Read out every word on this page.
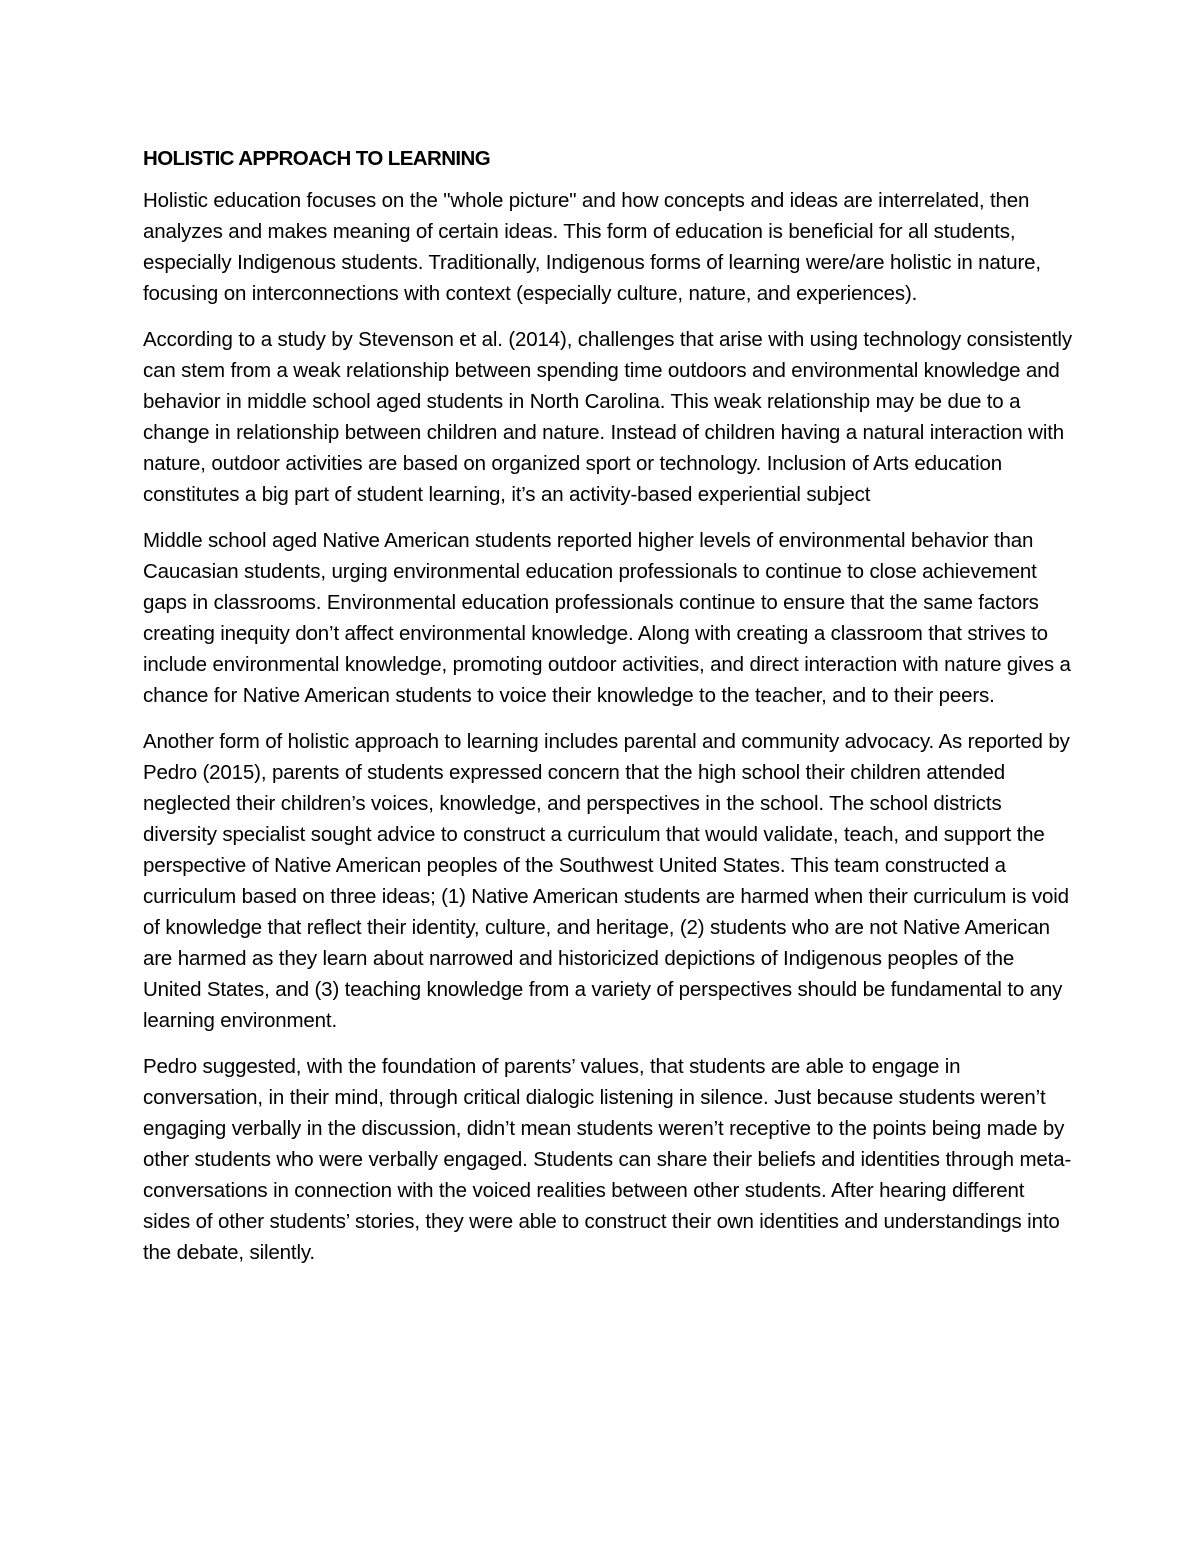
HOLISTIC APPROACH TO LEARNING

Holistic education focuses on the "whole picture" and how concepts and ideas are interrelated, then analyzes and makes meaning of certain ideas. This form of education is beneficial for all students, especially Indigenous students. Traditionally, Indigenous forms of learning were/are holistic in nature, focusing on interconnections with context (especially culture, nature, and experiences).

According to a study by Stevenson et al. (2014), challenges that arise with using technology consistently can stem from a weak relationship between spending time outdoors and environmental knowledge and behavior in middle school aged students in North Carolina. This weak relationship may be due to a change in relationship between children and nature. Instead of children having a natural interaction with nature, outdoor activities are based on organized sport or technology. Inclusion of Arts education constitutes a big part of student learning, it’s an activity-based experiential subject

Middle school aged Native American students reported higher levels of environmental behavior than Caucasian students, urging environmental education professionals to continue to close achievement gaps in classrooms. Environmental education professionals continue to ensure that the same factors creating inequity don’t affect environmental knowledge. Along with creating a classroom that strives to include environmental knowledge, promoting outdoor activities, and direct interaction with nature gives a chance for Native American students to voice their knowledge to the teacher, and to their peers.

Another form of holistic approach to learning includes parental and community advocacy. As reported by Pedro (2015), parents of students expressed concern that the high school their children attended neglected their children’s voices, knowledge, and perspectives in the school. The school districts diversity specialist sought advice to construct a curriculum that would validate, teach, and support the perspective of Native American peoples of the Southwest United States. This team constructed a curriculum based on three ideas; (1) Native American students are harmed when their curriculum is void of knowledge that reflect their identity, culture, and heritage, (2) students who are not Native American are harmed as they learn about narrowed and historicized depictions of Indigenous peoples of the United States, and (3) teaching knowledge from a variety of perspectives should be fundamental to any learning environment.

Pedro suggested, with the foundation of parents’ values, that students are able to engage in conversation, in their mind, through critical dialogic listening in silence. Just because students weren’t engaging verbally in the discussion, didn’t mean students weren’t receptive to the points being made by other students who were verbally engaged. Students can share their beliefs and identities through meta-conversations in connection with the voiced realities between other students. After hearing different sides of other students’ stories, they were able to construct their own identities and understandings into the debate, silently.
